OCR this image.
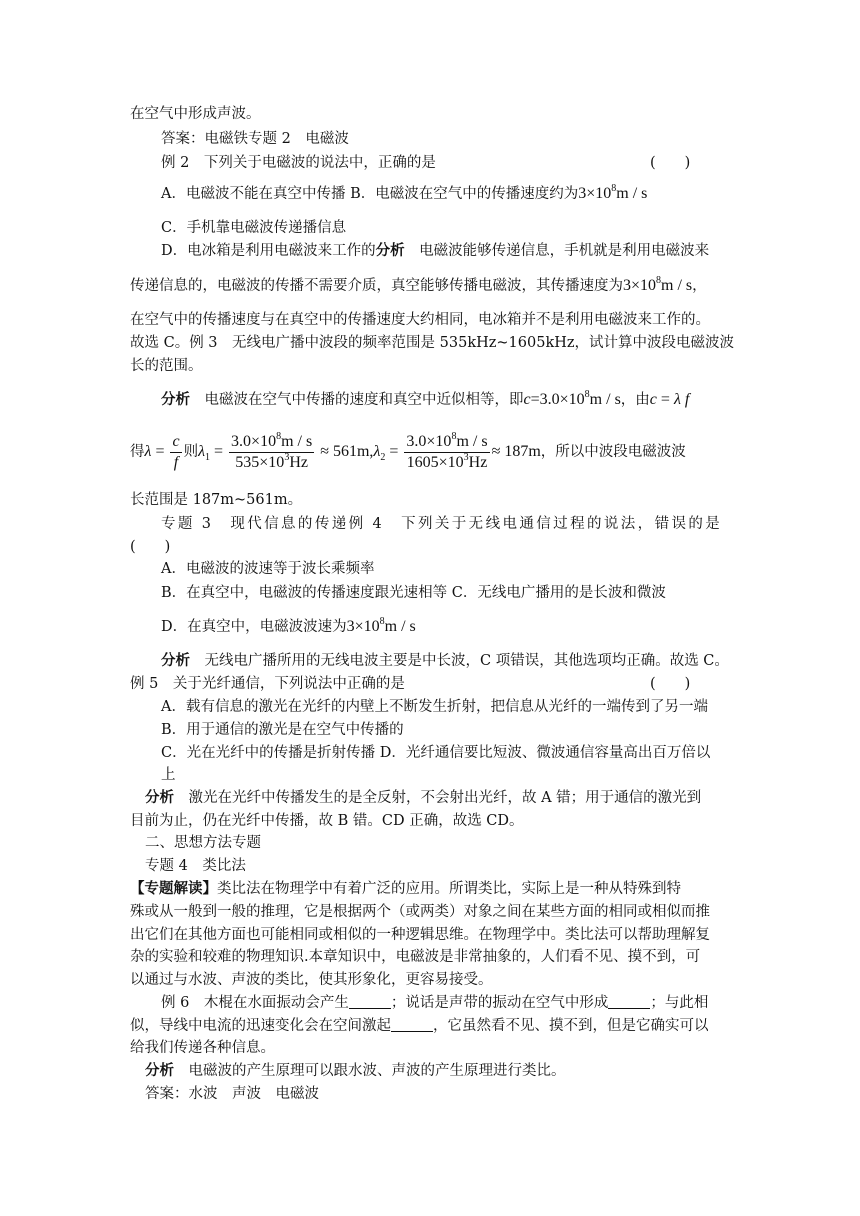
在空气中形成声波。
答案：电磁铁专题 2　电磁波
例 2　下列关于电磁波的说法中，正确的是	(　　)
A．电磁波不能在真空中传播 B．电磁波在空气中的传播速度约为$3\times 10^8m / s$
C．手机靠电磁波传递播信息
D．电冰箱是利用电磁波来工作的分析　电磁波能够传递信息，手机就是利用电磁波来
传递信息的，电磁波的传播不需要介质，真空能够传播电磁波，其传播速度为$3\times 10^8m / s$，
在空气中的传播速度与在真空中的传播速度大约相同，电冰箱并不是利用电磁波来工作的。
故选 C。例 3　无线电广播中波段的频率范围是 535kHz~1605kHz，试计算中波段电磁波波
长的范围。
分析　电磁波在空气中传播的速度和真空中近似相等，即$c=3.0\times 10^8m / s$，由c = λ f
得$\lambda = \frac{c}{f}$ 则$\lambda_1 = \frac{3.0\times 10^8m / s}{535\times 10^3Hz} \approx 561m,\lambda_2 = \frac{3.0\times 10^8m / s}{1605\times 10^3Hz} \approx 187m$，所以中波段电磁波波
长范围是 187m~561m。
专题 3　现代信息的传递例 4　下列关于无线电通信过程的说法，错误的是
(　　)
A．电磁波的波速等于波长乘频率
B．在真空中，电磁波的传播速度跟光速相等 C．无线电广播用的是长波和微波
D．在真空中，电磁波波速为$3\times 10^8m / s$
分析　无线电广播所用的无线电波主要是中长波，C 项错误，其他选项均正确。故选 C。
例 5　关于光纤通信，下列说法中正确的是	(　　)
A．载有信息的激光在光纤的内壁上不断发生折射，把信息从光纤的一端传到了另一端
B．用于通信的激光是在空气中传播的
C．光在光纤中的传播是折射传播 D．光纤通信要比短波、微波通信容量高出百万倍以
上
分析　激光在光纤中传播发生的是全反射，不会射出光纤，故 A 错；用于通信的激光到
目前为止，仍在光纤中传播，故 B 错。CD 正确，故选 CD。
二、思想方法专题
专题 4　类比法
【专题解读】类比法在物理学中有着广泛的应用。所谓类比，实际上是一种从特殊到特
殊或从一般到一般的推理，它是根据两个（或两类）对象之间在某些方面的相同或相似而推
出它们在其他方面也可能相同或相似的一种逻辑思维。在物理学中。类比法可以帮助理解复
杂的实验和较难的物理知识.本章知识中，电磁波是非常抽象的，人们看不见、摸不到，可
以通过与水波、声波的类比，使其形象化，更容易接受。
例 6　木棍在水面振动会产生	；说话是声带的振动在空气中形成	；与此相
似，导线中电流的迅速变化会在空间激起	，它虽然看不见、摸不到，但是它确实可以
给我们传递各种信息。
分析　电磁波的产生原理可以跟水波、声波的产生原理进行类比。
答案：水波　声波　电磁波
